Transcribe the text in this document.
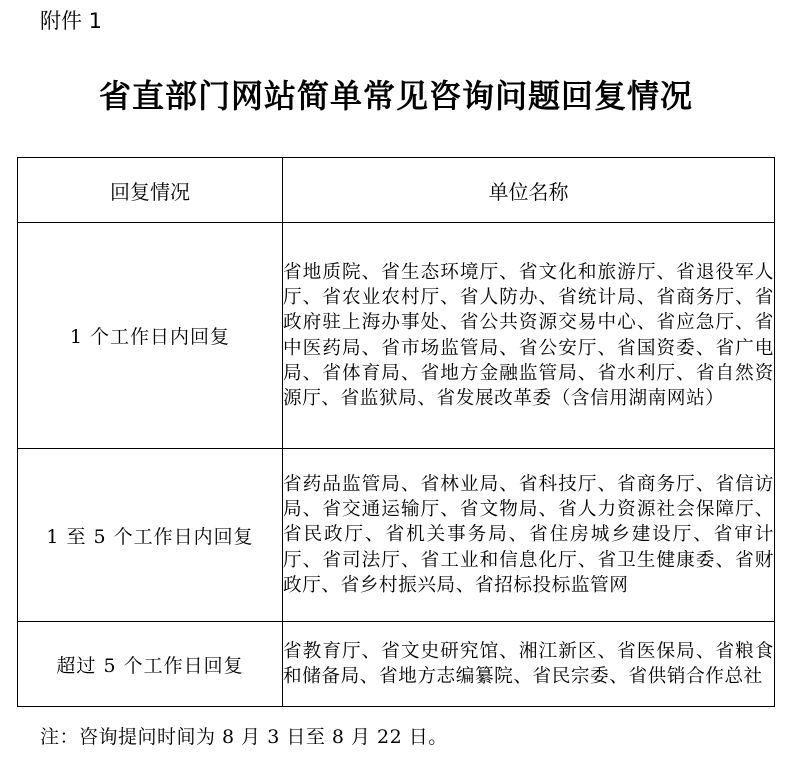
附件 1
省直部门网站简单常见咨询问题回复情况
回复情况	单位名称
1 个工作日内回复	省地质院、省生态环境厅、省文化和旅游厅、省退役军人厅、省农业农村厅、省人防办、省统计局、省商务厅、省政府驻上海办事处、省公共资源交易中心、省应急厅、省中医药局、省市场监管局、省公安厅、省国资委、省广电局、省体育局、省地方金融监管局、省水利厅、省自然资源厅、省监狱局、省发展改革委（含信用湖南网站）
1 至 5 个工作日内回复	省药品监管局、省林业局、省科技厅、省商务厅、省信访局、省交通运输厅、省文物局、省人力资源社会保障厅、省民政厅、省机关事务局、省住房城乡建设厅、省审计厅、省司法厅、省工业和信息化厅、省卫生健康委、省财政厅、省乡村振兴局、省招标投标监管网
超过 5 个工作日回复	省教育厅、省文史研究馆、湘江新区、省医保局、省粮食和储备局、省地方志编纂院、省民宗委、省供销合作总社
注：咨询提问时间为 8 月 3 日至 8 月 22 日。
